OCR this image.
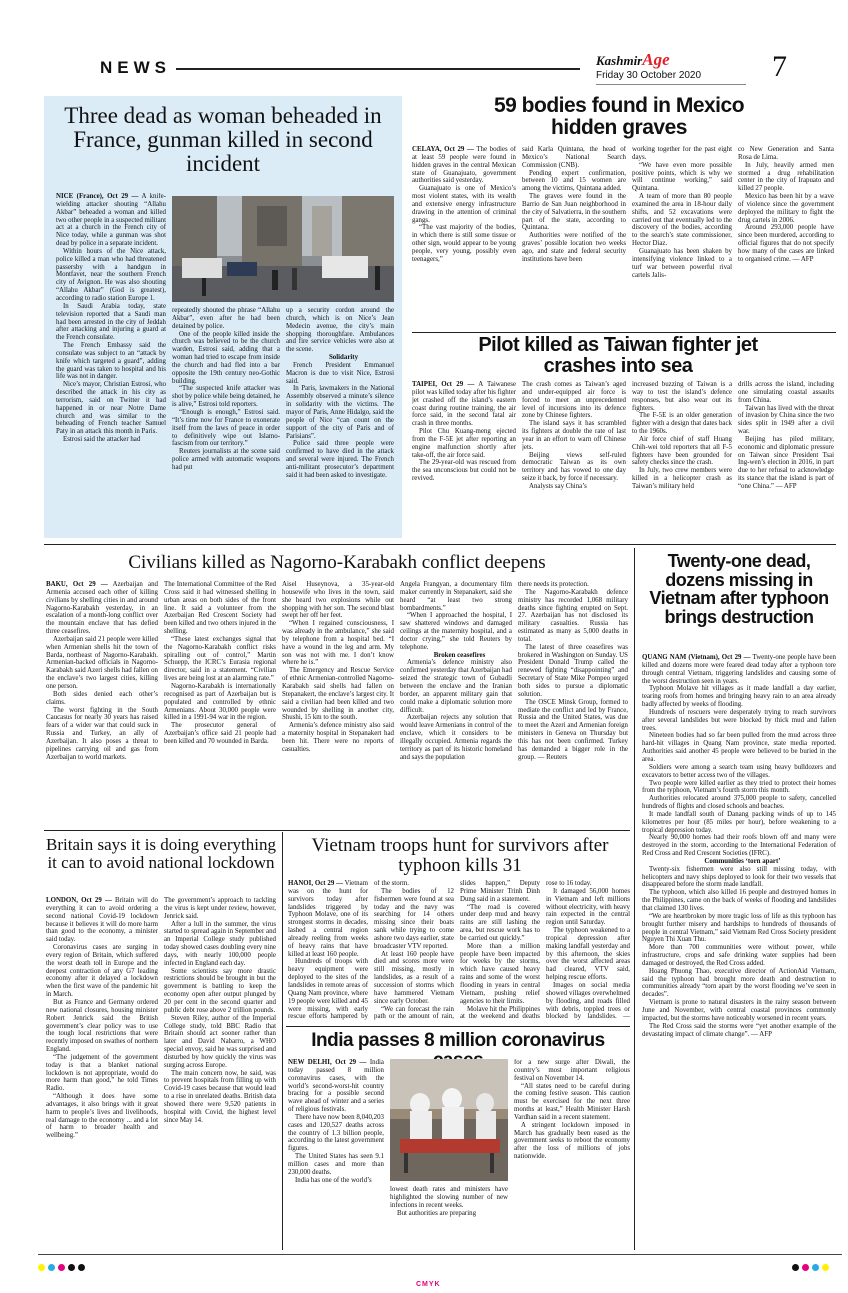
NEWS	KashmirAge
Friday 30 October 2020 7
Three dead as woman beheaded in France, gunman killed in second incident

NICE (France), Oct 29 — A knife-wielding attacker shouting “Allahu Akbar” beheaded a woman and killed two other people in a suspected militant act at a church in the French city of Nice today, while a gunman was shot dead by police in a separate incident.

Within hours of the Nice attack, police killed a man who had threatened passersby with a handgun in Montfavet, near the southern French city of Avignon. He was also shouting “Allahu Akbar” (God is greatest), according to radio station Europe 1.

In Saudi Arabia today, state television reported that a Saudi man had been arrested in the city of Jeddah after attacking and injuring a guard at the French consulate.

The French Embassy said the consulate was subject to an “attack by knife which targeted a guard”, adding the guard was taken to hospital and his life was not in danger.

Nice’s mayor, Christian Estrosi, who described the attack in his city as terrorism, said on Twitter it had happened in or near Notre Dame church and was similar to the beheading of French teacher Samuel Paty in an attack this month in Paris.

Estrosi said the attacker had

repeatedly shouted the phrase “Allahu Akbar”, even after he had been detained by police.

One of the people killed inside the church was believed to be the church warden, Estrosi said, adding that a woman had tried to escape from inside the church and had fled into a bar opposite the 19th century neo-Gothic building.

“The suspected knife attacker was shot by police while being detained, he is alive,” Estrosi told reporters.

“Enough is enough,” Estrosi said. “It’s time now for France to exonerate itself from the laws of peace in order to definitively wipe out Islamo-fascism from our territory.”

Reuters journalists at the scene said police armed with automatic weapons had put

up a security cordon around the church, which is on Nice’s Jean Medecin avenue, the city’s main shopping thoroughfare. Ambulances and fire service vehicles were also at the scene.

Solidarity

French President Emmanuel Macron is due to visit Nice, Estrosi said.

In Paris, lawmakers in the National Assembly observed a minute’s silence in solidarity with the victims. The mayor of Paris, Anne Hidalgo, said the people of Nice “can count on the support of the city of Paris and of Parisians”.

Police said three people were confirmed to have died in the attack and several were injured. The French anti-militant prosecutor’s department said it had been asked to investigate.

59 bodies found in Mexico hidden graves

CELAYA, Oct 29 — The bodies of at least 59 people were found in hidden graves in the central Mexican state of Guanajuato, government authorities said yesterday.

Guanajuato is one of Mexico’s most violent states, with its wealth and extensive energy infrastructure drawing in the attention of criminal gangs.

“The vast majority of the bodies, in which there is still some tissue or other sign, would appear to be young people, very young, possibly even teenagers,”

said Karla Quintana, the head of Mexico’s National Search Commission (CNB).

Pending expert confirmation, between 10 and 15 women are among the victims, Quintana added.

The graves were found in the Barrio de San Juan neighborhood in the city of Salvatierra, in the southern part of the state, according to Quintana.

Authorities were notified of the graves’ possible location two weeks ago, and state and federal security institutions have been

working together for the past eight days.

“We have even more possible positive points, which is why we will continue working,” said Quintana.

A team of more than 80 people examined the area in 18-hour daily shifts, and 52 excavations were carried out that eventually led to the discovery of the bodies, according to the search’s state commissioner, Hector Diaz.

Guanajuato has been shaken by intensifying violence linked to a turf war between powerful rival cartels Jalis-

co New Generation and Santa Rosa de Lima.

In July, heavily armed men stormed a drug rehabilitation center in the city of Irapuato and killed 27 people.

Mexico has been hit by a wave of violence since the government deployed the military to fight the drug cartels in 2006.

Around 293,000 people have since been murdered, according to official figures that do not specify how many of the cases are linked to organised crime. — AFP

Pilot killed as Taiwan fighter jet crashes into sea

TAIPEI, Oct 29 — A Taiwanese pilot was killed today after his fighter jet crashed off the island’s eastern coast during routine training, the air force said, in the second fatal air crash in three months.

Pilot Chu Kuang-meng ejected from the F-5E jet after reporting an engine malfunction shortly after take-off, the air force said.

The 29-year-old was rescued from the sea unconscious but could not be revived.

The crash comes as Taiwan’s aged and under-equipped air force is forced to meet an unprecedented level of incursions into its defence zone by Chinese fighters.

The island says it has scrambled its fighters at double the rate of last year in an effort to warn off Chinese jets.

Beijing views self-ruled democratic Taiwan as its own territory and has vowed to one day seize it back, by force if necessary.

Analysts say China’s

increased buzzing of Taiwan is a way to test the island’s defence responses, but also wear out its fighters.

The F-5E is an older generation fighter with a design that dates back to the 1960s.

Air force chief of staff Huang Chih-wei told reporters that all F-5 fighters have been grounded for safety checks since the crash.

In July, two crew members were killed in a helicopter crash as Taiwan’s military held

drills across the island, including one simulating coastal assaults from China.

Taiwan has lived with the threat of invasion by China since the two sides split in 1949 after a civil war.

Beijing has piled military, economic and diplomatic pressure on Taiwan since President Tsai Ing-wen’s election in 2016, in part due to her refusal to acknowledge its stance that the island is part of “one China.” — AFP

Civilians killed as Nagorno-Karabakh conflict deepens

BAKU, Oct 29 — Azerbaijan and Armenia accused each other of killing civilians by shelling cities in and around Nagorno-Karabakh yesterday, in an escalation of a month-long conflict over the mountain enclave that has defied three ceasefires.

Azerbaijan said 21 people were killed when Armenian shells hit the town of Barda, northeast of Nagorno-Karabakh. Armenian-backed officials in Nagorno-Karabakh said Azeri shells had fallen on the enclave’s two largest cities, killing one person.

Both sides denied each other’s claims.

The worst fighting in the South Caucasus for nearly 30 years has raised fears of a wider war that could suck in Russia and Turkey, an ally of Azerbaijan. It also poses a threat to pipelines carrying oil and gas from Azerbaijan to world markets.

The International Committee of the Red Cross said it had witnessed shelling in urban areas on both sides of the front line. It said a volunteer from the Azerbaijan Red Crescent Society had been killed and two others injured in the shelling.

“These latest exchanges signal that the Nagorno-Karabakh conflict risks spiralling out of control,” Martin Schuepp, the ICRC’s Eurasia regional director, said in a statement. “Civilian lives are being lost at an alarming rate.”

Nagorno-Karabakh is internationally recognised as part of Azerbaijan but is populated and controlled by ethnic Armenians. About 30,000 people were killed in a 1991-94 war in the region.

The prosecutor general of Azerbaijan’s office said 21 people had been killed and 70 wounded in Barda.

Aisel Huseynova, a 35-year-old housewife who lives in the town, said she heard two explosions while out shopping with her son. The second blast swept her off her feet.

“When I regained consciousness, I was already in the ambulance,” she said by telephone from a hospital bed. “I have a wound in the leg and arm. My son was not with me. I don’t know where he is.”

The Emergency and Rescue Service of ethnic Armenian-controlled Nagorno-Karabakh said shells had fallen on Stepanakert, the enclave’s largest city. It said a civilian had been killed and two wounded by shelling in another city, Shushi, 15 km to the south.

Armenia’s defence ministry also said a maternity hospital in Stepanakert had been hit. There were no reports of casualties.

Angela Frangyan, a documentary film maker currently in Stepanakert, said she heard “at least two strong bombardments.”

“When I approached the hospital, I saw shattered windows and damaged ceilings at the maternity hospital, and a doctor crying,” she told Reuters by telephone.

Broken ceasefires

Armenia’s defence ministry also confirmed yesterday that Azerbaijan had seized the strategic town of Gubadli between the enclave and the Iranian border, an apparent military gain that could make a diplomatic solution more difficult.

Azerbaijan rejects any solution that would leave Armenians in control of the enclave, which it considers to be illegally occupied. Armenia regards the territory as part of its historic homeland and says the population

there needs its protection.

The Nagorno-Karabakh defence ministry has recorded 1,068 military deaths since fighting erupted on Sept. 27. Azerbaijan has not disclosed its military casualties. Russia has estimated as many as 5,000 deaths in total.

The latest of three ceasefires was brokered in Washington on Sunday. US President Donald Trump called the renewed fighting “disappointing” and Secretary of State Mike Pompeo urged both sides to pursue a diplomatic solution.

The OSCE Minsk Group, formed to mediate the conflict and led by France, Russia and the United States, was due to meet the Azeri and Armenian foreign ministers in Geneva on Thursday but this has not been confirmed. Turkey has demanded a bigger role in the group. — Reuters

Twenty-one dead, dozens missing in Vietnam after typhoon brings destruction

QUANG NAM (Vietnam), Oct 29 — Twenty-one people have been killed and dozens more were feared dead today after a typhoon tore through central Vietnam, triggering landslides and causing some of the worst destruction seen in years.

Typhoon Molave hit villages as it made landfall a day earlier, tearing roofs from homes and bringing heavy rain to an area already badly affected by weeks of flooding.

Hundreds of rescuers were desperately trying to reach survivors after several landslides but were blocked by thick mud and fallen trees.

Nineteen bodies had so far been pulled from the mud across three hard-hit villages in Quang Nam province, state media reported. Authorities said another 45 people were believed to be buried in the area.

Soldiers were among a search team using heavy bulldozers and excavators to better access two of the villages.

Two people were killed earlier as they tried to protect their homes from the typhoon, Vietnam’s fourth storm this month.

Authorities relocated around 375,000 people to safety, cancelled hundreds of flights and closed schools and beaches.

It made landfall south of Danang packing winds of up to 145 kilometres per hour (85 miles per hour), before weakening to a tropical depression today.

Nearly 90,000 homes had their roofs blown off and many were destroyed in the storm, according to the International Federation of Red Cross and Red Crescent Societies (IFRC).

Communities ‘torn apart’

Twenty-six fishermen were also still missing today, with helicopters and navy ships deployed to look for their two vessels that disappeared before the storm made landfall.

The typhoon, which also killed 16 people and destroyed homes in the Philippines, came on the back of weeks of flooding and landslides that claimed 130 lives.

“We are heartbroken by more tragic loss of life as this typhoon has brought further misery and hardships to hundreds of thousands of people in central Vietnam,” said Vietnam Red Cross Society president Nguyen Thi Xuan Thu.

More than 700 communities were without power, while infrastructure, crops and safe drinking water supplies had been damaged or destroyed, the Red Cross added.

Hoang Phuong Thao, executive director of ActionAid Vietnam, said the typhoon had brought more death and destruction to communities already “torn apart by the worst flooding we’ve seen in decades”.

Vietnam is prone to natural disasters in the rainy season between June and November, with central coastal provinces commonly impacted, but the storms have noticeably worsened in recent years.

The Red Cross said the storms were “yet another example of the devastating impact of climate change”. — AFP

Britain says it is doing everything it can to avoid national lockdown

LONDON, Oct 29 — Britain will do everything it can to avoid ordering a second national Covid-19 lockdown because it believes it will do more harm than good to the economy, a minister said today.

Coronavirus cases are surging in every region of Britain, which suffered the worst death toll in Europe and the deepest contraction of any G7 leading economy after it delayed a lockdown when the first wave of the pandemic hit in March.

But as France and Germany ordered new national closures, housing minister Robert Jenrick said the British government’s clear policy was to use the tough local restrictions that were recently imposed on swathes of northern England.

“The judgement of the government today is that a blanket national lockdown is not appropriate, would do more harm than good,” he told Times Radio.

“Although it does have some advantages, it also brings with it great harm to people’s lives and livelihoods, real damage to the economy ... and a lot of harm to broader health and wellbeing.”

The government’s approach to tackling the virus is kept under review, however, Jenrick said.

After a lull in the summer, the virus started to spread again in September and an Imperial College study published today showed cases doubling every nine days, with nearly 100,000 people infected in England each day.

Some scientists say more drastic restrictions should be brought in but the government is battling to keep the economy open after output plunged by 20 per cent in the second quarter and public debt rose above 2 trillion pounds.

Steven Riley, author of the Imperial College study, told BBC Radio that Britain should act sooner rather than later and David Nabarro, a WHO special envoy, said he was surprised and disturbed by how quickly the virus was surging across Europe.

The main concern now, he said, was to prevent hospitals from filling up with Covid-19 cases because that would lead to a rise in unrelated deaths. British data showed there were 9,520 patients in hospital with Covid, the highest level since May 14.

Vietnam troops hunt for survivors after typhoon kills 31

HANOI, Oct 29 — Vietnam was on the hunt for survivors today after landslides triggered by Typhoon Molave, one of its strongest storms in decades, lashed a central region already reeling from weeks of heavy rains that have killed at least 160 people.

Hundreds of troops with heavy equipment were deployed to the sites of the landslides in remote areas of Quang Nam province, where 19 people were killed and 45 were missing, with early rescue efforts hampered by

of the storm.

The bodies of 12 fishermen were found at sea today and the navy was searching for 14 others missing since their boats sank while trying to come ashore two days earlier, state broadcaster VTV reported.

At least 160 people have died and scores more were still missing, mostly in landslides, as a result of a succession of storms which have hammered Vietnam since early October.

“We can forecast the rain path or the amount of rain,

slides happen,” Deputy Prime Minister Trinh Dinh Dung said in a statement.

“The road is covered under deep mud and heavy rains are still lashing the area, but rescue work has to be carried out quickly.”

More than a million people have been impacted for weeks by the storms, which have caused heavy rains and some of the worst flooding in years in central Vietnam, pushing relief agencies to their limits.

Molave hit the Philippines at the weekend and deaths

rose to 16 today.

It damaged 56,000 homes in Vietnam and left millions without electricity, with heavy rain expected in the central region until Saturday.

The typhoon weakened to a tropical depression after making landfall yesterday and by this afternoon, the skies over the worst affected areas had cleared, VTV said, helping rescue efforts.

Images on social media showed villages overwhelmed by flooding, and roads filled with debris, toppled trees or blocked by landslides. —

India passes 8 million coronavirus

NEW DELHI, Oct 29 — India today passed 8 million coronavirus cases, with the world’s second-worst-hit country bracing for a possible second wave ahead of winter and a series of religious festivals.

There have now been 8,040,203 cases and 120,527 deaths across the country of 1.3 billion people, according to the latest government figures.

The United States has seen 9.1 million cases and more than 230,000 deaths.

India has one of the world’s

lowest death rates and ministers have highlighted the slowing number of new infections in recent weeks.

But authorities are preparing

for a new surge after Diwali, the country’s most important religious festival on November 14.

“All states need to be careful during the coming festive season. This caution must be exercised for the next three months at least,” Health Minister Harsh Vardhan said in a recent statement.

A stringent lockdown imposed in March has gradually been eased as the government seeks to reboot the economy after the loss of millions of jobs nationwide.

CMYK
